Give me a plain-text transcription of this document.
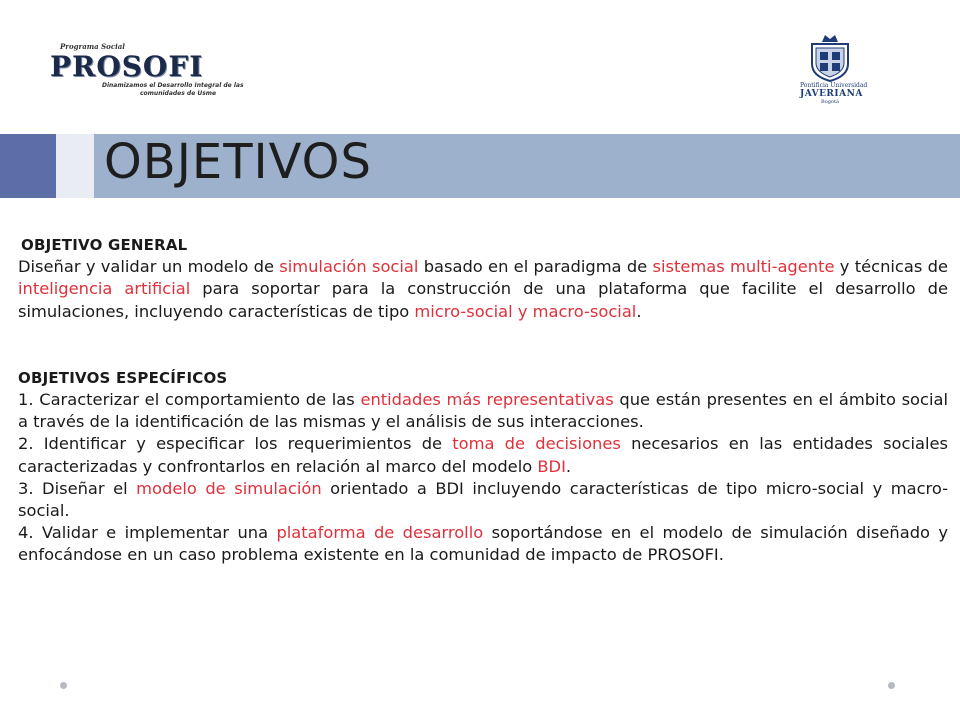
Programa Social
PROSOFI
Dinamizamos el Desarrollo Integral de las
comunidades de Usme
Pontificia Universidad
JAVERIANA
Bogotá
OBJETIVOS
OBJETIVO GENERAL

Diseñar y validar un modelo de simulación social basado en el paradigma de sistemas multi-agente y técnicas de inteligencia artificial para soportar para la construcción de una plataforma que facilite el desarrollo de simulaciones, incluyendo características de tipo micro-social y macro-social.

OBJETIVOS ESPECÍFICOS

1. Caracterizar el comportamiento de las entidades más representativas que están presentes en el ámbito social a través de la identificación de las mismas y el análisis de sus interacciones.

2. Identificar y especificar los requerimientos de toma de decisiones necesarios en las entidades sociales caracterizadas y confrontarlos en relación al marco del modelo BDI.

3. Diseñar el modelo de simulación orientado a BDI incluyendo características de tipo micro-social y macro-social.

4. Validar e implementar una plataforma de desarrollo soportándose en el modelo de simulación diseñado y enfocándose en un caso problema existente en la comunidad de impacto de PROSOFI.
